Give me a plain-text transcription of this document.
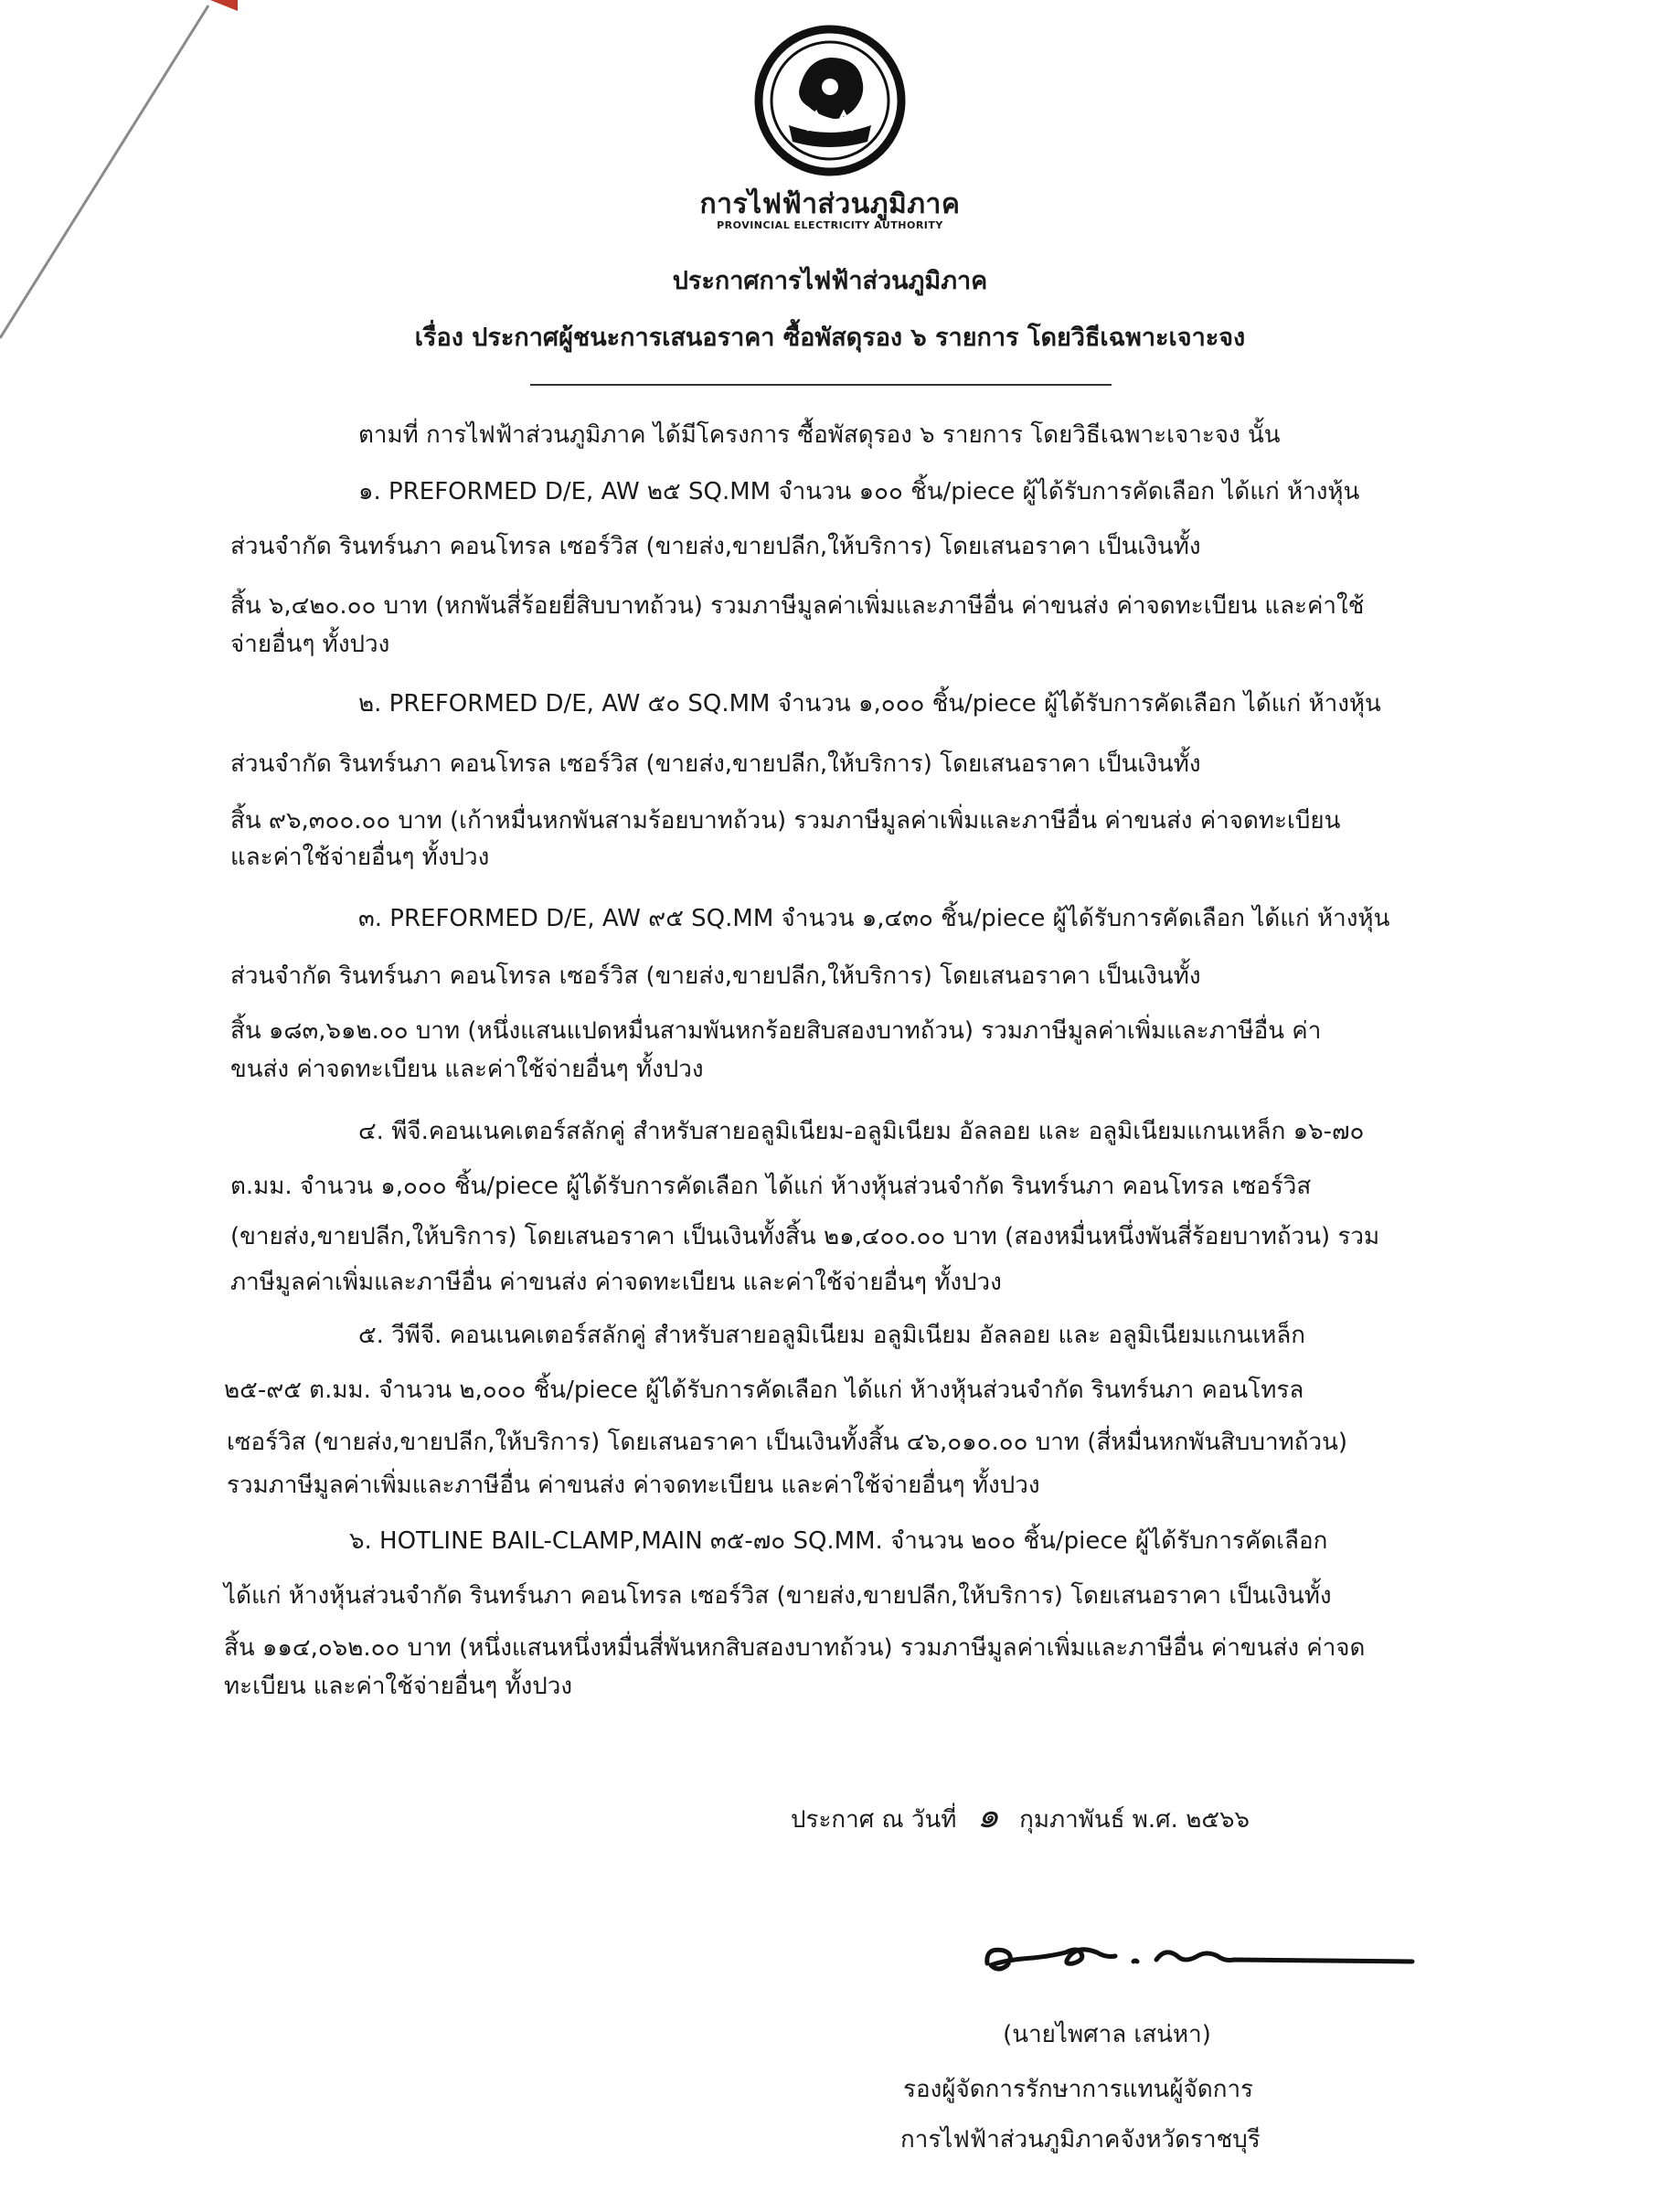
การไฟฟ้าส่วนภูมิภาค
PROVINCIAL ELECTRICITY AUTHORITY
ประกาศการไฟฟ้าส่วนภูมิภาค
เรื่อง ประกาศผู้ชนะการเสนอราคา ซื้อพัสดุรอง ๖ รายการ โดยวิธีเฉพาะเจาะจง
ตามที่ การไฟฟ้าส่วนภูมิภาค ได้มีโครงการ ซื้อพัสดุรอง ๖ รายการ โดยวิธีเฉพาะเจาะจง นั้น
๑. PREFORMED D/E, AW ๒๕ SQ.MM จำนวน ๑๐๐ ชิ้น/piece ผู้ได้รับการคัดเลือก ได้แก่ ห้างหุ้น
ส่วนจำกัด รินทร์นภา คอนโทรล เซอร์วิส (ขายส่ง,ขายปลีก,ให้บริการ) โดยเสนอราคา เป็นเงินทั้ง
สิ้น ๖,๔๒๐.๐๐ บาท (หกพันสี่ร้อยยี่สิบบาทถ้วน) รวมภาษีมูลค่าเพิ่มและภาษีอื่น ค่าขนส่ง ค่าจดทะเบียน และค่าใช้
จ่ายอื่นๆ ทั้งปวง
๒. PREFORMED D/E, AW ๕๐ SQ.MM จำนวน ๑,๐๐๐ ชิ้น/piece ผู้ได้รับการคัดเลือก ได้แก่ ห้างหุ้น
ส่วนจำกัด รินทร์นภา คอนโทรล เซอร์วิส (ขายส่ง,ขายปลีก,ให้บริการ) โดยเสนอราคา เป็นเงินทั้ง
สิ้น ๙๖,๓๐๐.๐๐ บาท (เก้าหมื่นหกพันสามร้อยบาทถ้วน) รวมภาษีมูลค่าเพิ่มและภาษีอื่น ค่าขนส่ง ค่าจดทะเบียน
และค่าใช้จ่ายอื่นๆ ทั้งปวง
๓. PREFORMED D/E, AW ๙๕ SQ.MM จำนวน ๑,๔๓๐ ชิ้น/piece ผู้ได้รับการคัดเลือก ได้แก่ ห้างหุ้น
ส่วนจำกัด รินทร์นภา คอนโทรล เซอร์วิส (ขายส่ง,ขายปลีก,ให้บริการ) โดยเสนอราคา เป็นเงินทั้ง
สิ้น ๑๘๓,๖๑๒.๐๐ บาท (หนึ่งแสนแปดหมื่นสามพันหกร้อยสิบสองบาทถ้วน) รวมภาษีมูลค่าเพิ่มและภาษีอื่น ค่า
ขนส่ง ค่าจดทะเบียน และค่าใช้จ่ายอื่นๆ ทั้งปวง
๔. พีจี.คอนเนคเตอร์สลักคู่ สำหรับสายอลูมิเนียม-อลูมิเนียม อัลลอย และ อลูมิเนียมแกนเหล็ก ๑๖-๗๐
ต.มม. จำนวน ๑,๐๐๐ ชิ้น/piece ผู้ได้รับการคัดเลือก ได้แก่ ห้างหุ้นส่วนจำกัด รินทร์นภา คอนโทรล เซอร์วิส
(ขายส่ง,ขายปลีก,ให้บริการ) โดยเสนอราคา เป็นเงินทั้งสิ้น ๒๑,๔๐๐.๐๐ บาท (สองหมื่นหนึ่งพันสี่ร้อยบาทถ้วน) รวม
ภาษีมูลค่าเพิ่มและภาษีอื่น ค่าขนส่ง ค่าจดทะเบียน และค่าใช้จ่ายอื่นๆ ทั้งปวง
๕. วีพีจี. คอนเนคเตอร์สลักคู่ สำหรับสายอลูมิเนียม อลูมิเนียม อัลลอย และ อลูมิเนียมแกนเหล็ก
๒๕-๙๕ ต.มม. จำนวน ๒,๐๐๐ ชิ้น/piece ผู้ได้รับการคัดเลือก ได้แก่ ห้างหุ้นส่วนจำกัด รินทร์นภา คอนโทรล
เซอร์วิส (ขายส่ง,ขายปลีก,ให้บริการ) โดยเสนอราคา เป็นเงินทั้งสิ้น ๔๖,๐๑๐.๐๐ บาท (สี่หมื่นหกพันสิบบาทถ้วน)
รวมภาษีมูลค่าเพิ่มและภาษีอื่น ค่าขนส่ง ค่าจดทะเบียน และค่าใช้จ่ายอื่นๆ ทั้งปวง
๖. HOTLINE BAIL-CLAMP,MAIN ๓๕-๗๐ SQ.MM. จำนวน ๒๐๐ ชิ้น/piece ผู้ได้รับการคัดเลือก
ได้แก่ ห้างหุ้นส่วนจำกัด รินทร์นภา คอนโทรล เซอร์วิส (ขายส่ง,ขายปลีก,ให้บริการ) โดยเสนอราคา เป็นเงินทั้ง
สิ้น ๑๑๔,๐๖๒.๐๐ บาท (หนึ่งแสนหนึ่งหมื่นสี่พันหกสิบสองบาทถ้วน) รวมภาษีมูลค่าเพิ่มและภาษีอื่น ค่าขนส่ง ค่าจด
ทะเบียน และค่าใช้จ่ายอื่นๆ ทั้งปวง
ประกาศ ณ วันที่ ๑ กุมภาพันธ์ พ.ศ. ๒๕๖๖
(นายไพศาล เสน่หา)
รองผู้จัดการรักษาการแทนผู้จัดการ
การไฟฟ้าส่วนภูมิภาคจังหวัดราชบุรี
